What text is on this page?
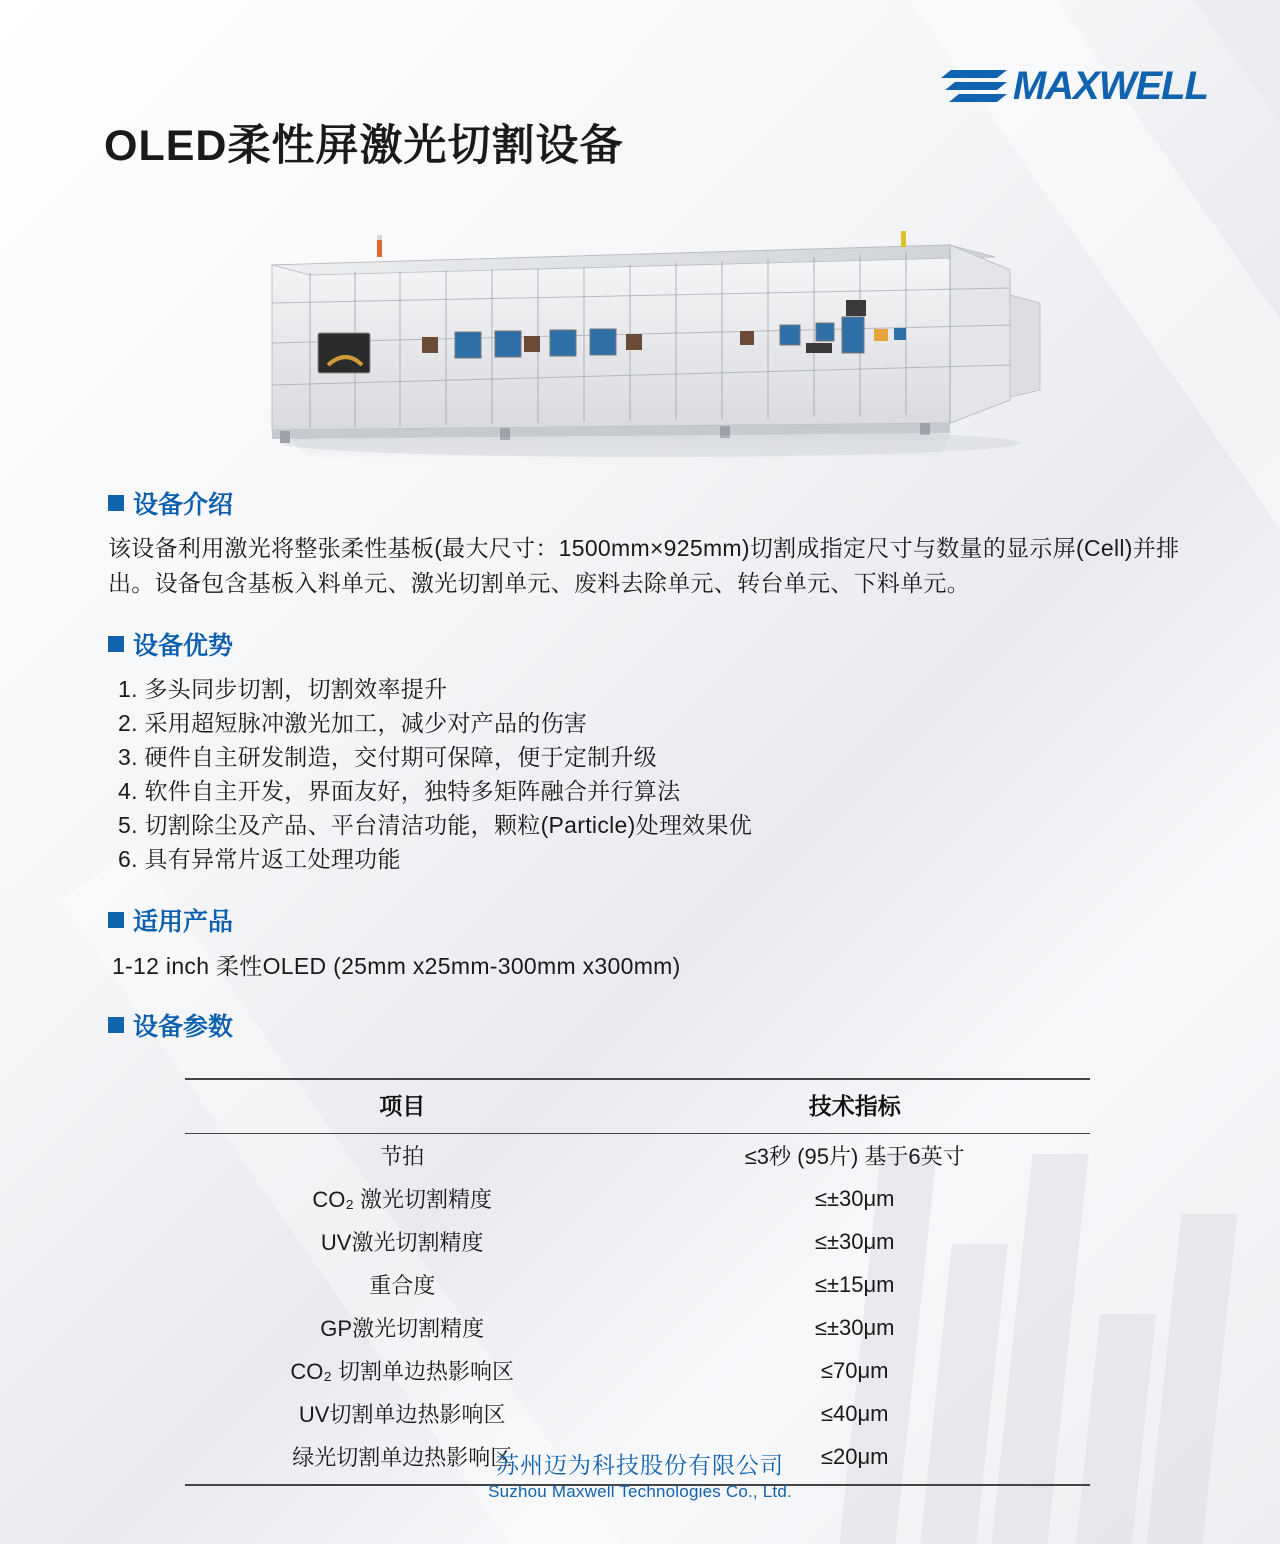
MAXWELL
OLED柔性屏激光切割设备
设备介绍
该设备利用激光将整张柔性基板(最大尺寸：1500mm×925mm)切割成指定尺寸与数量的显示屏(Cell)并排出。设备包含基板入料单元、激光切割单元、废料去除单元、转台单元、下料单元。
设备优势
1. 多头同步切割，切割效率提升
2. 采用超短脉冲激光加工，减少对产品的伤害
3. 硬件自主研发制造，交付期可保障，便于定制升级
4. 软件自主开发，界面友好，独特多矩阵融合并行算法
5. 切割除尘及产品、平台清洁功能，颗粒(Particle)处理效果优
6. 具有异常片返工处理功能
适用产品
1-12 inch 柔性OLED (25mm x25mm-300mm x300mm)
设备参数
项目	技术指标
节拍	≤3秒 (95片) 基于6英寸
CO₂ 激光切割精度	≤±30μm
UV激光切割精度	≤±30μm
重合度	≤±15μm
GP激光切割精度	≤±30μm
CO₂ 切割单边热影响区	≤70μm
UV切割单边热影响区	≤40μm
绿光切割单边热影响区	≤20μm
苏州迈为科技股份有限公司
Suzhou Maxwell Technologies Co., Ltd.
